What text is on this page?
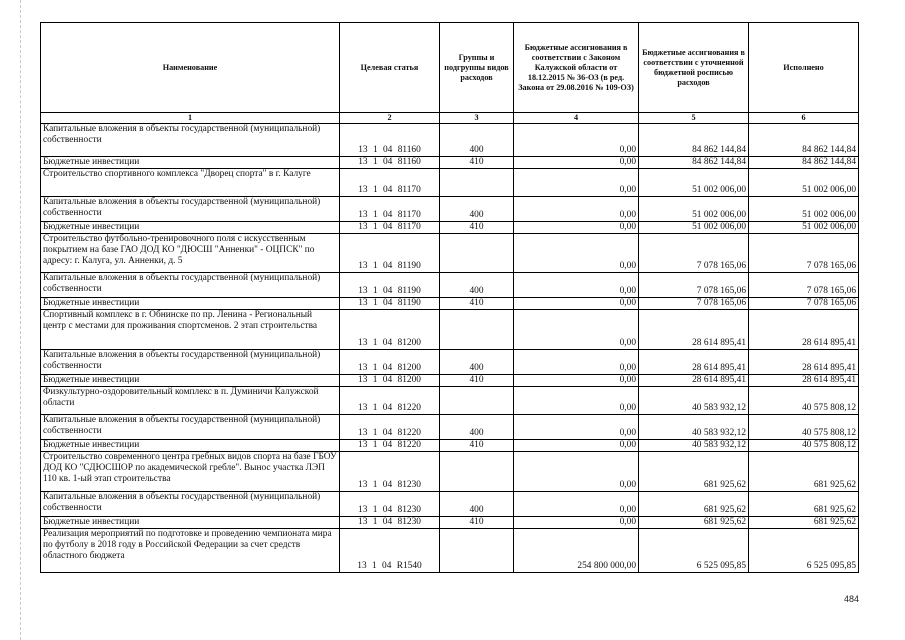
Наименование	Целевая статья	Группы и подгруппы видов расходов	Бюджетные ассигнования в соответствии с Законом Калужской области от 18.12.2015 № 36-ОЗ (в ред. Закона от 29.08.2016 № 109-ОЗ)	Бюджетные ассигнования в соответствии с уточненной бюджетной росписью расходов	Исполнено
1	2	3	4	5	6
Капитальные вложения в объекты государственной (муниципальной) собственности	13 1 04 81160	400	0,00	84 862 144,84	84 862 144,84
Бюджетные инвестиции	13 1 04 81160	410	0,00	84 862 144,84	84 862 144,84
Строительство спортивного комплекса "Дворец спорта" в г. Калуге	13 1 04 81170		0,00	51 002 006,00	51 002 006,00
Капитальные вложения в объекты государственной (муниципальной) собственности	13 1 04 81170	400	0,00	51 002 006,00	51 002 006,00
Бюджетные инвестиции	13 1 04 81170	410	0,00	51 002 006,00	51 002 006,00
Строительство футбольно-тренировочного поля с искусственным покрытием на базе ГАО ДОД КО "ДЮСШ "Анненки" - ОЦПСК" по адресу: г. Калуга, ул. Анненки, д. 5	13 1 04 81190		0,00	7 078 165,06	7 078 165,06
Капитальные вложения в объекты государственной (муниципальной) собственности	13 1 04 81190	400	0,00	7 078 165,06	7 078 165,06
Бюджетные инвестиции	13 1 04 81190	410	0,00	7 078 165,06	7 078 165,06
Спортивный комплекс в г. Обнинске по пр. Ленина - Региональный центр с местами для проживания спортсменов. 2 этап строительства	13 1 04 81200		0,00	28 614 895,41	28 614 895,41
Капитальные вложения в объекты государственной (муниципальной) собственности	13 1 04 81200	400	0,00	28 614 895,41	28 614 895,41
Бюджетные инвестиции	13 1 04 81200	410	0,00	28 614 895,41	28 614 895,41
Физкультурно-оздоровительный комплекс в п. Думиничи Калужской области	13 1 04 81220		0,00	40 583 932,12	40 575 808,12
Капитальные вложения в объекты государственной (муниципальной) собственности	13 1 04 81220	400	0,00	40 583 932,12	40 575 808,12
Бюджетные инвестиции	13 1 04 81220	410	0,00	40 583 932,12	40 575 808,12
Строительство современного центра гребных видов спорта на базе ГБОУ ДОД КО "СДЮСШОР по академической гребле". Вынос участка ЛЭП 110 кв. 1-ый этап строительства	13 1 04 81230		0,00	681 925,62	681 925,62
Капитальные вложения в объекты государственной (муниципальной) собственности	13 1 04 81230	400	0,00	681 925,62	681 925,62
Бюджетные инвестиции	13 1 04 81230	410	0,00	681 925,62	681 925,62
Реализация мероприятий по подготовке и проведению чемпионата мира по футболу в 2018 году в Российской Федерации за счет средств областного бюджета	13 1 04 R1540		254 800 000,00	6 525 095,85	6 525 095,85
484
